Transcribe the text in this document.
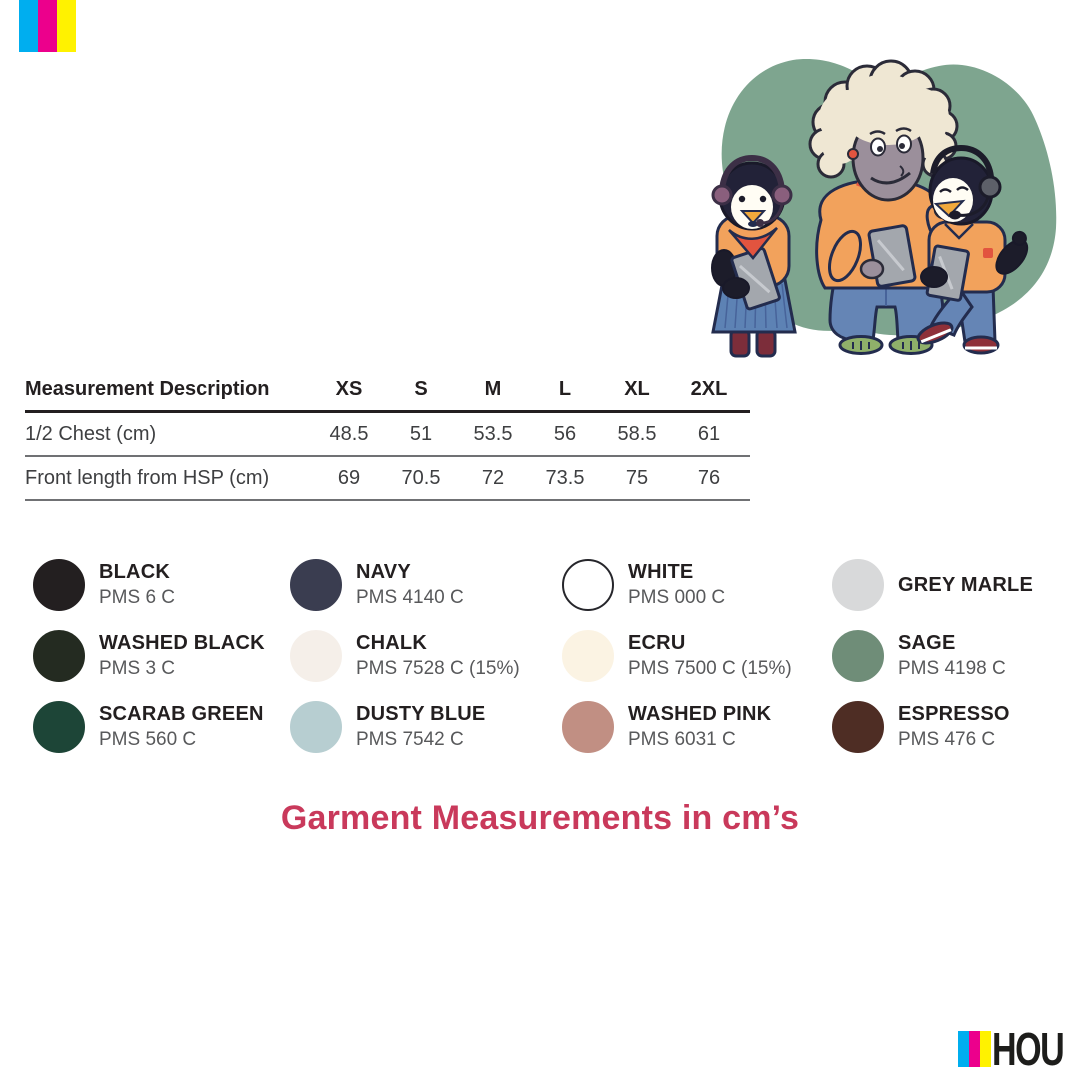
Measurement Description	XS	S	M	L	XL	2XL
1/2 Chest (cm)	48.5	51	53.5	56	58.5	61
Front length from HSP (cm)	69	70.5	72	73.5	75	76
BLACK
PMS 6 C
NAVY
PMS 4140 C
WHITE
PMS 000 C
GREY MARLE
WASHED BLACK
PMS 3 C
CHALK
PMS 7528 C (15%)
ECRU
PMS 7500 C (15%)
SAGE
PMS 4198 C
SCARAB GREEN
PMS 560 C
DUSTY BLUE
PMS 7542 C
WASHED PINK
PMS 6031 C
ESPRESSO
PMS 476 C
Garment Measurements in cm’s
HOU
